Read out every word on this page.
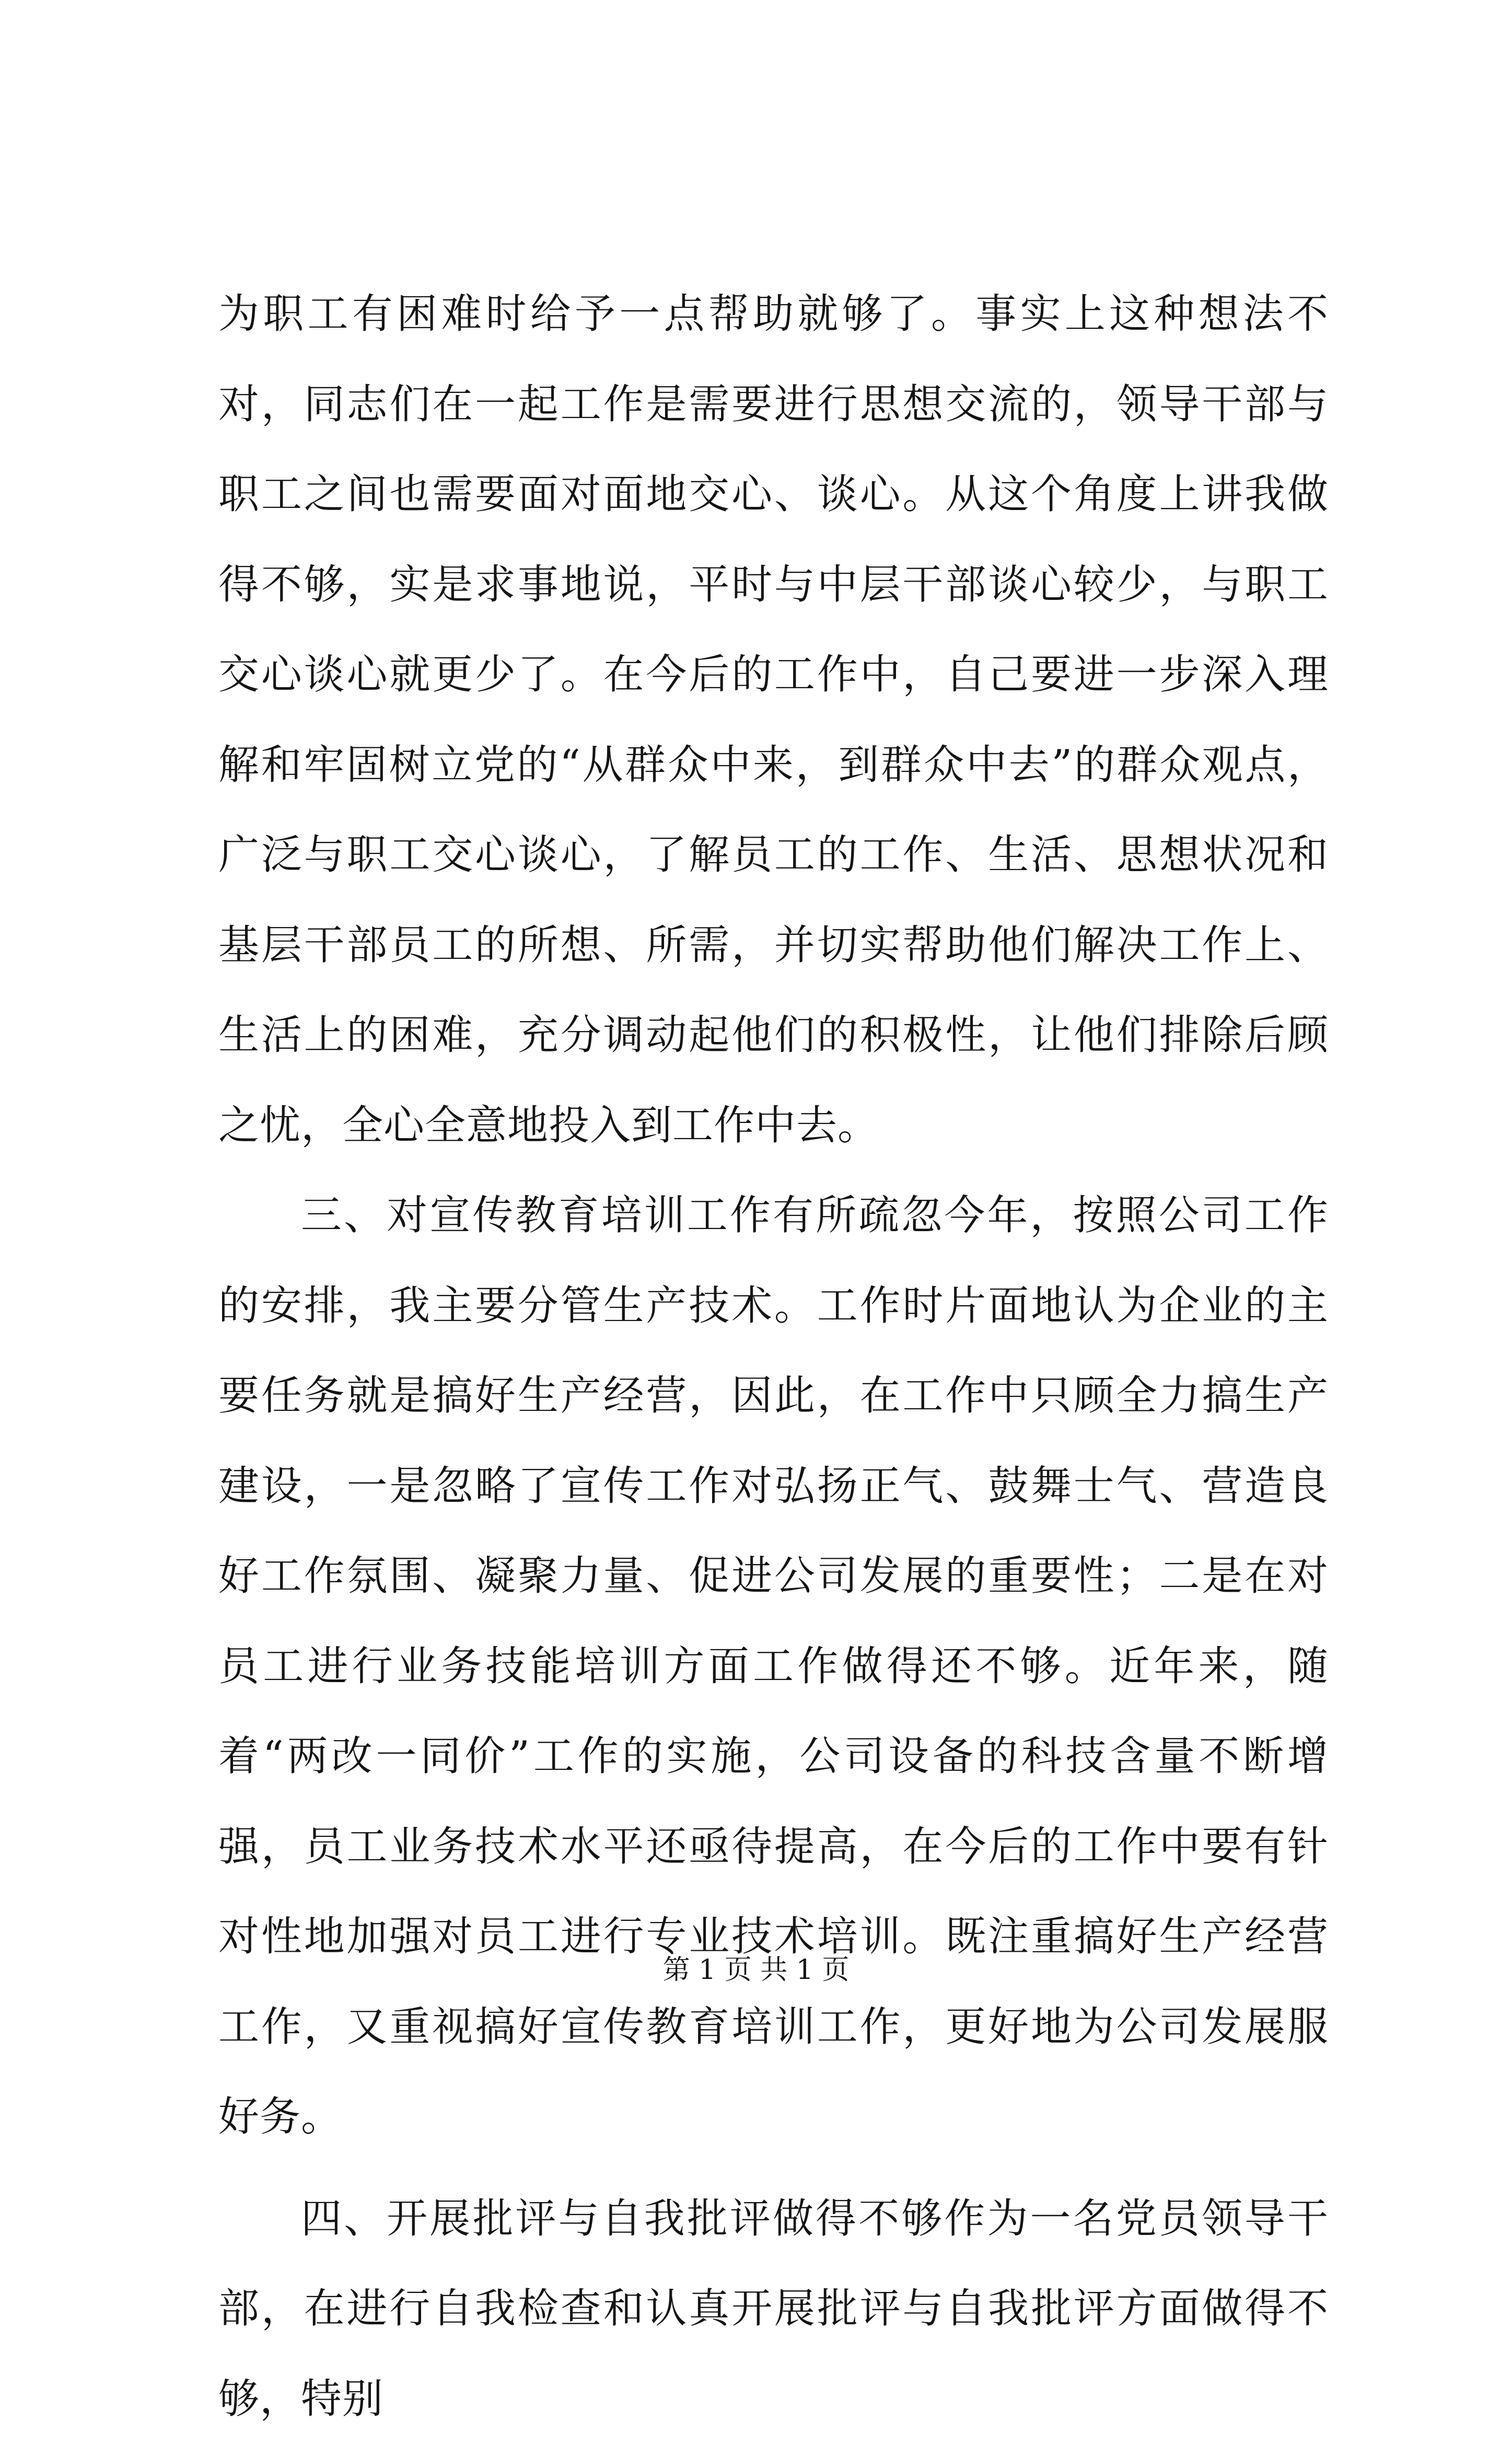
为职工有困难时给予一点帮助就够了。事实上这种想法不对，同志们在一起工作是需要进行思想交流的，领导干部与职工之间也需要面对面地交心、谈心。从这个角度上讲我做得不够，实是求事地说，平时与中层干部谈心较少，与职工交心谈心就更少了。在今后的工作中，自己要进一步深入理解和牢固树立党的“从群众中来，到群众中去”的群众观点，广泛与职工交心谈心，了解员工的工作、生活、思想状况和基层干部员工的所想、所需，并切实帮助他们解决工作上、生活上的困难，充分调动起他们的积极性，让他们排除后顾之忧，全心全意地投入到工作中去。

三、对宣传教育培训工作有所疏忽今年，按照公司工作的安排，我主要分管生产技术。工作时片面地认为企业的主要任务就是搞好生产经营，因此，在工作中只顾全力搞生产建设，一是忽略了宣传工作对弘扬正气、鼓舞士气、营造良好工作氛围、凝聚力量、促进公司发展的重要性；二是在对员工进行业务技能培训方面工作做得还不够。近年来，随着“两改一同价”工作的实施，公司设备的科技含量不断增强，员工业务技术水平还亟待提高，在今后的工作中要有针对性地加强对员工进行专业技术培训。既注重搞好生产经营工作，又重视搞好宣传教育培训工作，更好地为公司发展服好务。

四、开展批评与自我批评做得不够作为一名党员领导干部，在进行自我检查和认真开展批评与自我批评方面做得不够，特别

第 1 页 共 1 页
